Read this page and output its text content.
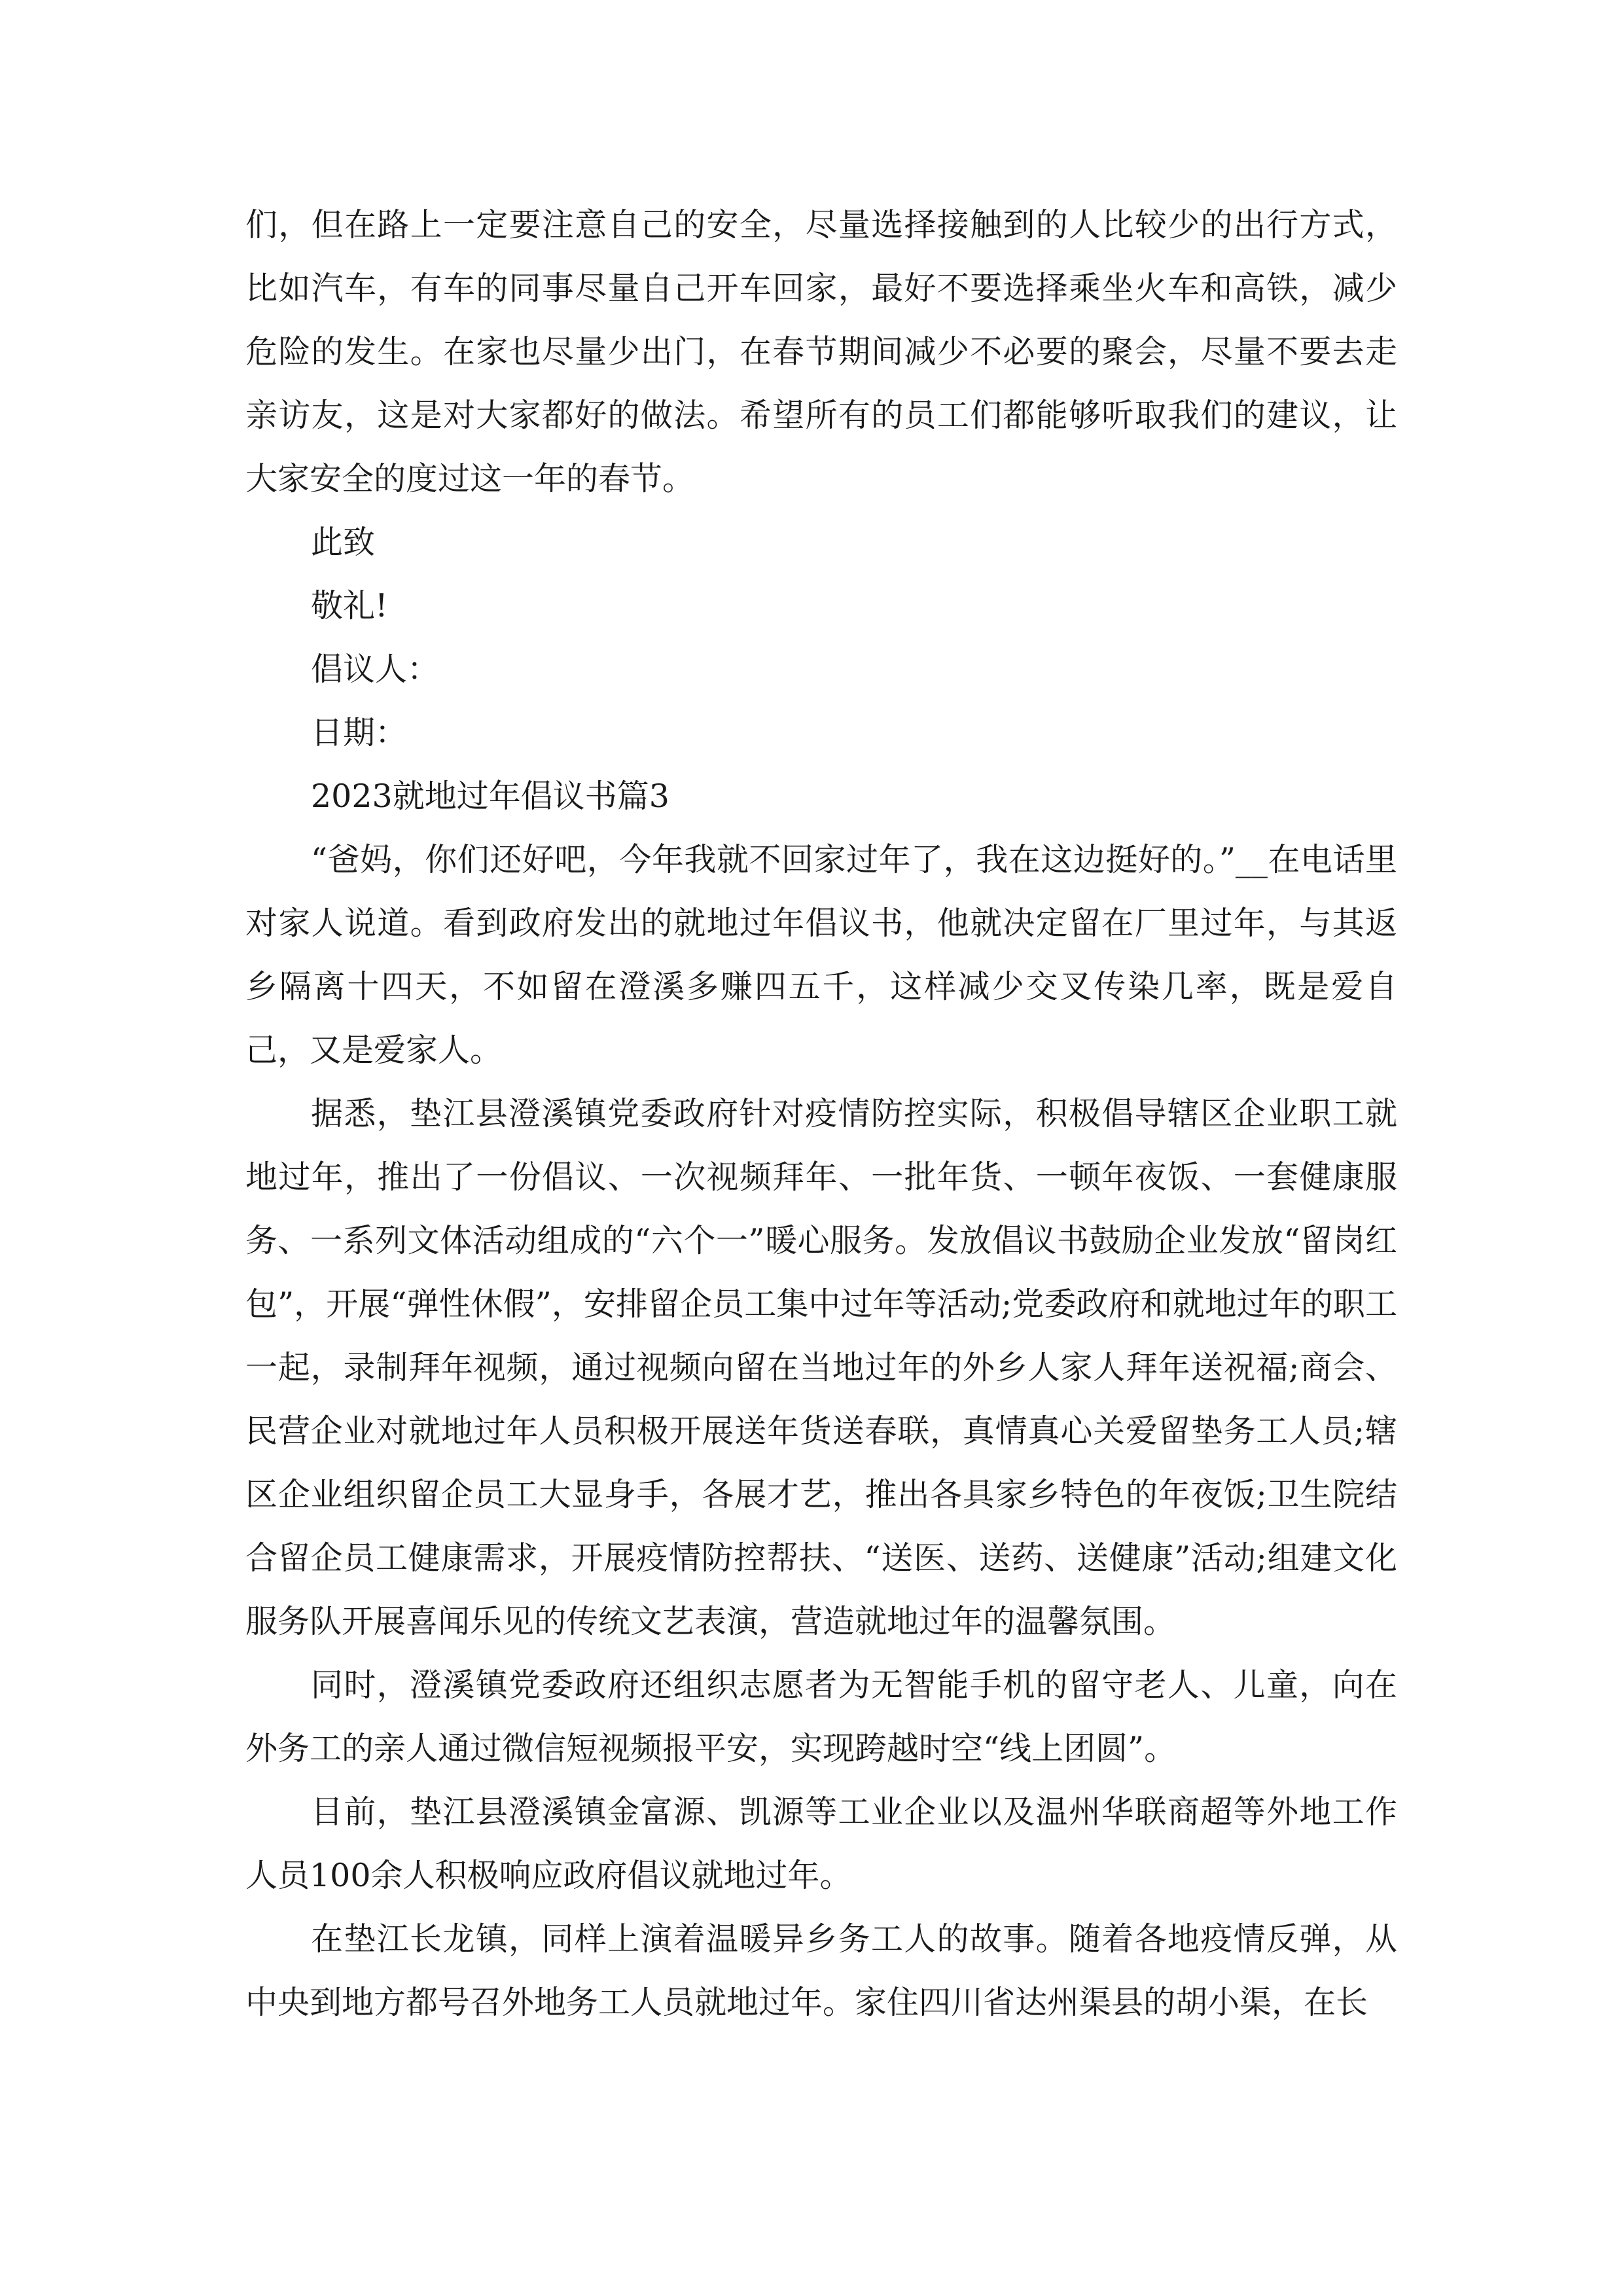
们，但在路上一定要注意自己的安全，尽量选择接触到的人比较少的出行方式，比如汽车，有车的同事尽量自己开车回家，最好不要选择乘坐火车和高铁，减少危险的发生。在家也尽量少出门，在春节期间减少不必要的聚会，尽量不要去走亲访友，这是对大家都好的做法。希望所有的员工们都能够听取我们的建议，让大家安全的度过这一年的春节。

此致

敬礼!

倡议人：

日期：

2023就地过年倡议书篇3

“爸妈，你们还好吧，今年我就不回家过年了，我在这边挺好的。”__在电话里对家人说道。看到政府发出的就地过年倡议书，他就决定留在厂里过年，与其返乡隔离十四天，不如留在澄溪多赚四五千，这样减少交叉传染几率，既是爱自己，又是爱家人。

据悉，垫江县澄溪镇党委政府针对疫情防控实际，积极倡导辖区企业职工就地过年，推出了一份倡议、一次视频拜年、一批年货、一顿年夜饭、一套健康服务、一系列文体活动组成的“六个一”暖心服务。发放倡议书鼓励企业发放“留岗红包”，开展“弹性休假”，安排留企员工集中过年等活动;党委政府和就地过年的职工一起，录制拜年视频，通过视频向留在当地过年的外乡人家人拜年送祝福;商会、民营企业对就地过年人员积极开展送年货送春联，真情真心关爱留垫务工人员;辖区企业组织留企员工大显身手，各展才艺，推出各具家乡特色的年夜饭;卫生院结合留企员工健康需求，开展疫情防控帮扶、“送医、送药、送健康”活动;组建文化服务队开展喜闻乐见的传统文艺表演，营造就地过年的温馨氛围。

同时，澄溪镇党委政府还组织志愿者为无智能手机的留守老人、儿童，向在外务工的亲人通过微信短视频报平安，实现跨越时空“线上团圆”。

目前，垫江县澄溪镇金富源、凯源等工业企业以及温州华联商超等外地工作人员100余人积极响应政府倡议就地过年。

在垫江长龙镇，同样上演着温暖异乡务工人的故事。随着各地疫情反弹，从中央到地方都号召外地务工人员就地过年。家住四川省达州渠县的胡小渠，在长
